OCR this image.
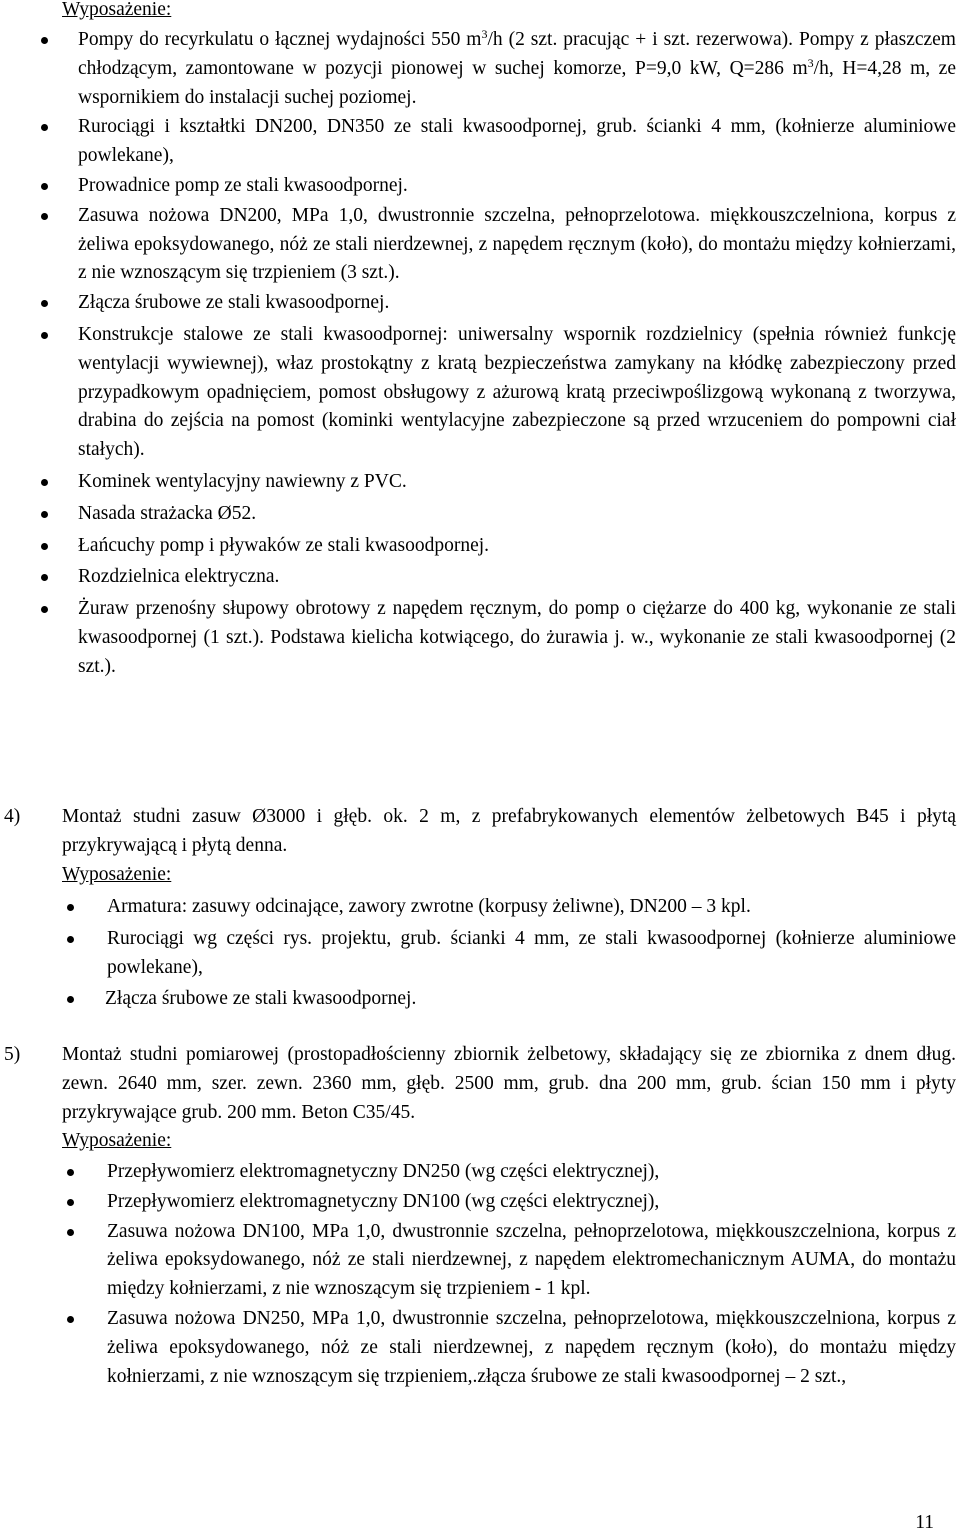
Wyposażenie:
Pompy do recyrkulatu o łącznej wydajności 550 $m^3/h$ (2 szt. pracując + i szt. rezerwowa). Pompy z płaszczem chłodzącym, zamontowane w pozycji pionowej w suchej komorze, P=9,0 kW, Q=286 $m^3/h$, H=4,28 m, ze wspornikiem do instalacji suchej poziomej.
Rurociągi i kształtki DN200, DN350 ze stali kwasoodpornej, grub. ścianki 4 mm, (kołnierze aluminiowe powlekane),
Prowadnice pomp ze stali kwasoodpornej.
Zasuwa nożowa DN200, MPa 1,0, dwustronnie szczelna, pełnoprzelotowa. miękkouszczelniona, korpus z żeliwa epoksydowanego, nóż ze stali nierdzewnej, z napędem ręcznym (koło), do montażu między kołnierzami, z nie wznoszącym się trzpieniem (3 szt.).
Złącza śrubowe ze stali kwasoodpornej.
Konstrukcje stalowe ze stali kwasoodpornej: uniwersalny wspornik rozdzielnicy (spełnia również funkcję wentylacji wywiewnej), właz prostokątny z kratą bezpieczeństwa zamykany na kłódkę zabezpieczony przed przypadkowym opadnięciem, pomost obsługowy z ażurową kratą przeciwpoślizgową wykonaną z tworzywa, drabina do zejścia na pomost (kominki wentylacyjne zabezpieczone są przed wrzuceniem do pompowni ciał stałych).
Kominek wentylacyjny nawiewny z PVC.
Nasada strażacka Ø52.
Łańcuchy pomp i pływaków ze stali kwasoodpornej.
Rozdzielnica elektryczna.
Żuraw przenośny słupowy obrotowy z napędem ręcznym, do pomp o ciężarze do 400 kg, wykonanie ze stali kwasoodpornej (1 szt.). Podstawa kielicha kotwiącego, do żurawia j. w., wykonanie ze stali kwasoodpornej (2 szt.).
4) Montaż studni zasuw Ø3000 i głęb. ok. 2 m, z prefabrykowanych elementów żelbetowych B45 i płytą przykrywającą i płytą denna.
Wyposażenie:
Armatura: zasuwy odcinające, zawory zwrotne (korpusy żeliwne), DN200 – 3 kpl.
Rurociągi wg części rys. projektu, grub. ścianki 4 mm, ze stali kwasoodpornej (kołnierze aluminiowe powlekane),
Złącza śrubowe ze stali kwasoodpornej.
5) Montaż studni pomiarowej (prostopadłościenny zbiornik żelbetowy, składający się ze zbiornika z dnem dług. zewn. 2640 mm, szer. zewn. 2360 mm, głęb. 2500 mm, grub. dna 200 mm, grub. ścian 150 mm i płyty przykrywające grub. 200 mm. Beton C35/45.
Wyposażenie:
Przepływomierz elektromagnetyczny DN250 (wg części elektrycznej),
Przepływomierz elektromagnetyczny DN100 (wg części elektrycznej),
Zasuwa nożowa DN100, MPa 1,0, dwustronnie szczelna, pełnoprzelotowa, miękkouszczelniona, korpus z żeliwa epoksydowanego, nóż ze stali nierdzewnej, z napędem elektromechanicznym AUMA, do montażu między kołnierzami, z nie wznoszącym się trzpieniem - 1 kpl.
Zasuwa nożowa DN250, MPa 1,0, dwustronnie szczelna, pełnoprzelotowa, miękkouszczelniona, korpus z żeliwa epoksydowanego, nóż ze stali nierdzewnej, z napędem ręcznym (koło), do montażu między kołnierzami, z nie wznoszącym się trzpieniem,.złącza śrubowe ze stali kwasoodpornej – 2 szt.,
11
